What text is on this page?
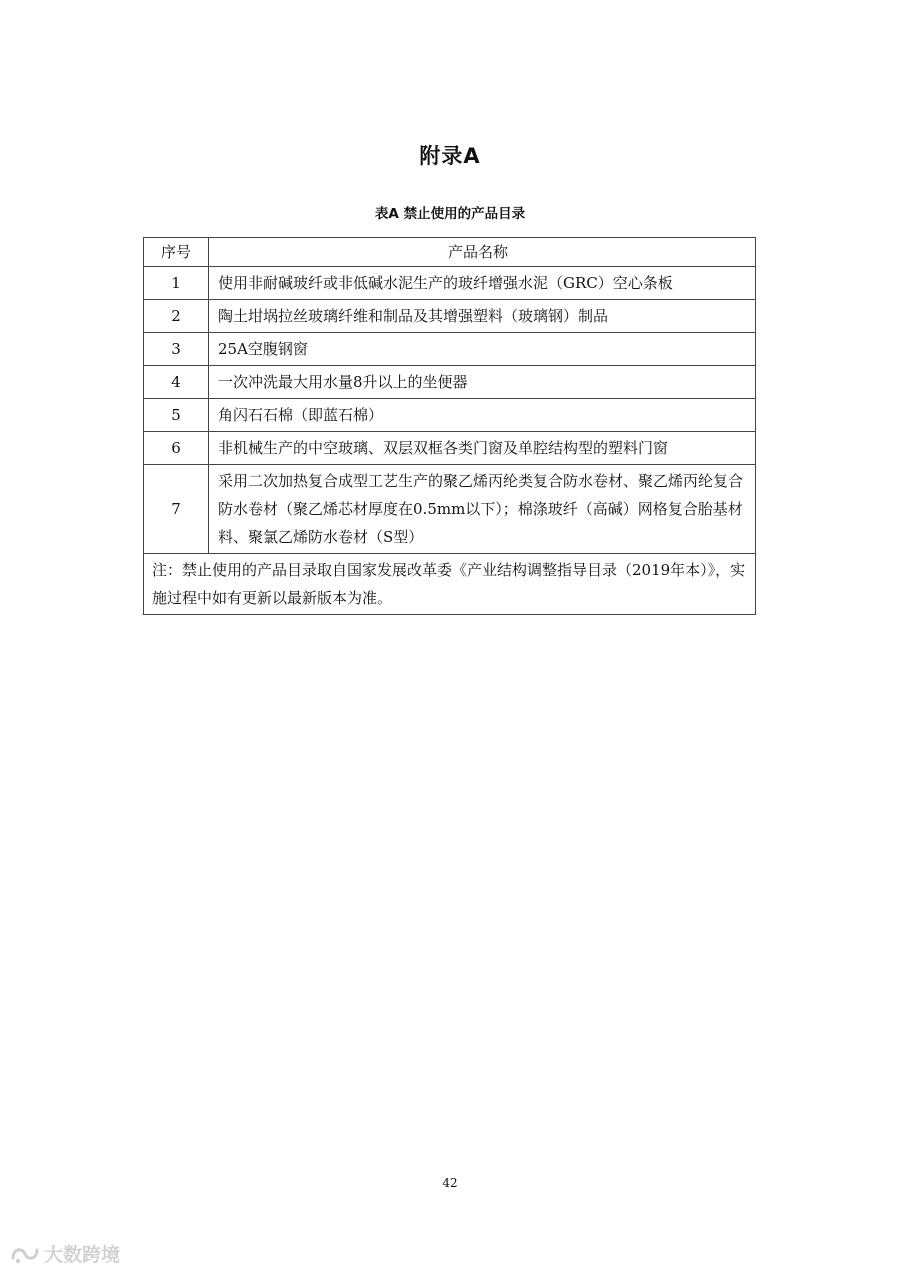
附录A
表A 禁止使用的产品目录
序号	产品名称
1	使用非耐碱玻纤或非低碱水泥生产的玻纤增强水泥（GRC）空心条板
2	陶土坩埚拉丝玻璃纤维和制品及其增强塑料（玻璃钢）制品
3	25A空腹钢窗
4	一次冲洗最大用水量8升以上的坐便器
5	角闪石石棉（即蓝石棉）
6	非机械生产的中空玻璃、双层双框各类门窗及单腔结构型的塑料门窗
7	采用二次加热复合成型工艺生产的聚乙烯丙纶类复合防水卷材、聚乙烯丙纶复合防水卷材（聚乙烯芯材厚度在0.5mm以下）；棉涤玻纤（高碱）网格复合胎基材料、聚氯乙烯防水卷材（S型）
注：禁止使用的产品目录取自国家发展改革委《产业结构调整指导目录（2019年本）》，实施过程中如有更新以最新版本为准。	
42
大数跨境
